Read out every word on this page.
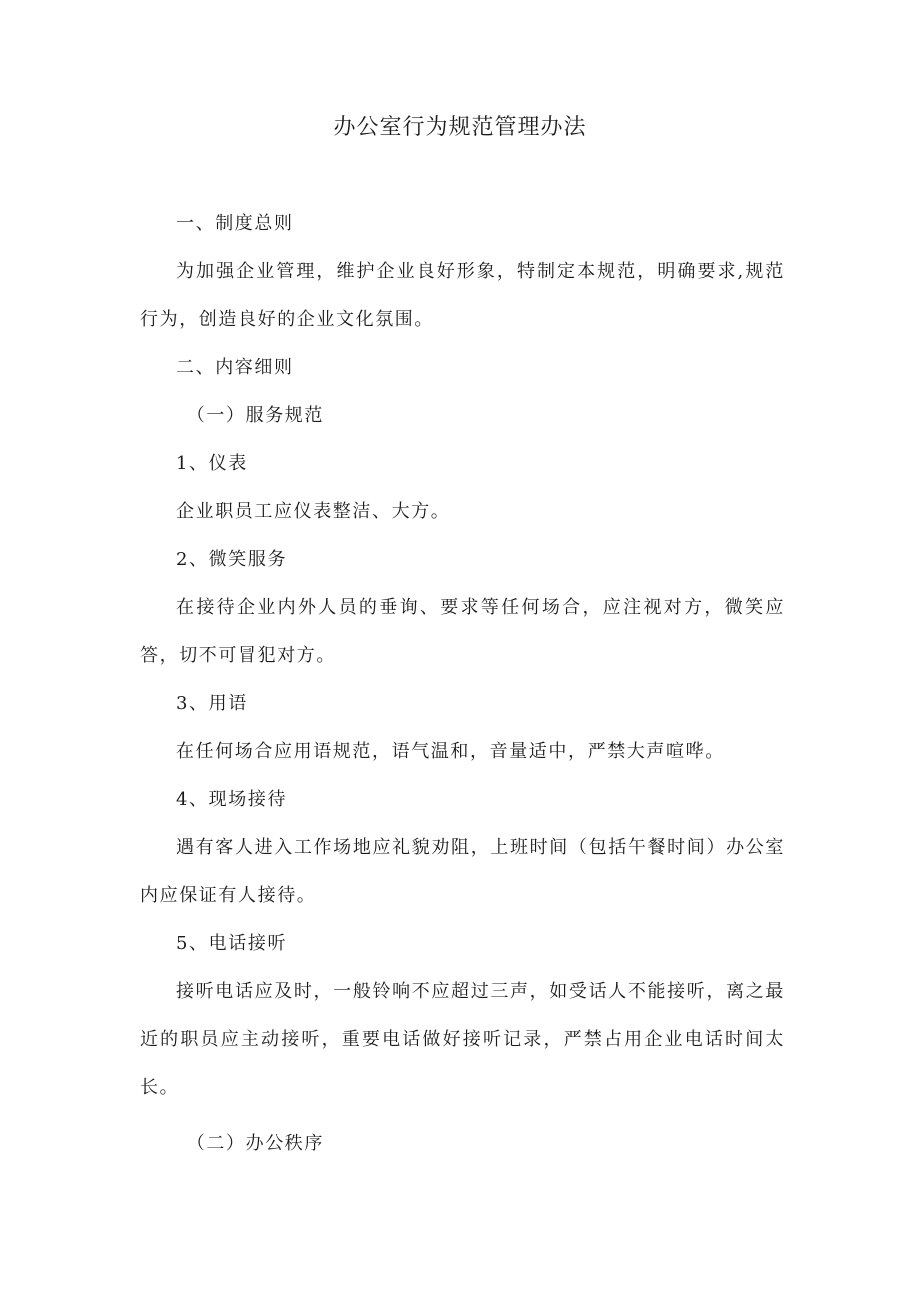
办公室行为规范管理办法

一、制度总则

为加强企业管理，维护企业良好形象，特制定本规范，明确要求,规范行为，创造良好的企业文化氛围。

二、内容细则

（一）服务规范

1、仪表

企业职员工应仪表整洁、大方。

2、微笑服务

在接待企业内外人员的垂询、要求等任何场合，应注视对方，微笑应答，切不可冒犯对方。

3、用语

在任何场合应用语规范，语气温和，音量适中，严禁大声喧哗。

4、现场接待

遇有客人进入工作场地应礼貌劝阻，上班时间（包括午餐时间）办公室内应保证有人接待。

5、电话接听

接听电话应及时，一般铃响不应超过三声，如受话人不能接听，离之最近的职员应主动接听，重要电话做好接听记录，严禁占用企业电话时间太长。

（二）办公秩序
